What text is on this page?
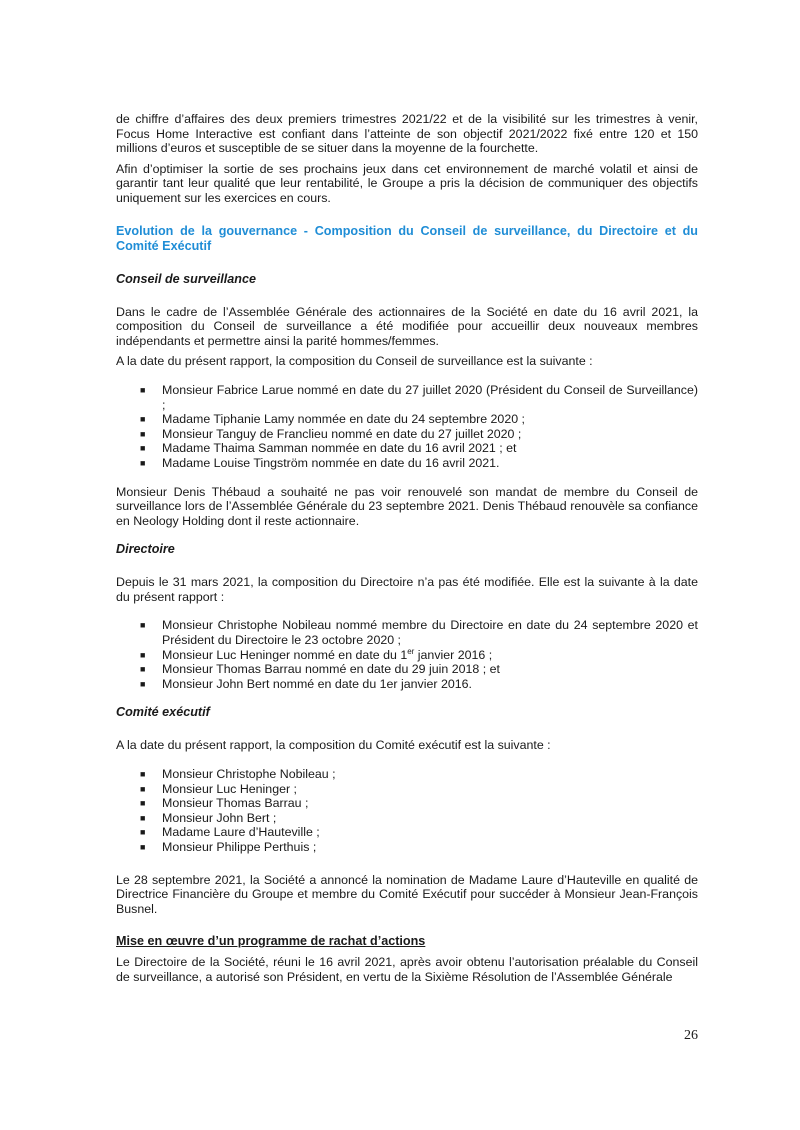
de chiffre d’affaires des deux premiers trimestres 2021/22 et de la visibilité sur les trimestres à venir, Focus Home Interactive est confiant dans l’atteinte de son objectif 2021/2022 fixé entre 120 et 150 millions d’euros et susceptible de se situer dans la moyenne de la fourchette.

Afin d’optimiser la sortie de ses prochains jeux dans cet environnement de marché volatil et ainsi de garantir tant leur qualité que leur rentabilité, le Groupe a pris la décision de communiquer des objectifs uniquement sur les exercices en cours.

Evolution de la gouvernance - Composition du Conseil de surveillance, du Directoire et du Comité Exécutif

Conseil de surveillance

Dans le cadre de l’Assemblée Générale des actionnaires de la Société en date du 16 avril 2021, la composition du Conseil de surveillance a été modifiée pour accueillir deux nouveaux membres indépendants et permettre ainsi la parité hommes/femmes.

A la date du présent rapport, la composition du Conseil de surveillance est la suivante :

■ Monsieur Fabrice Larue nommé en date du 27 juillet 2020 (Président du Conseil de Surveillance) ;
■ Madame Tiphanie Lamy nommée en date du 24 septembre 2020 ;
■ Monsieur Tanguy de Franclieu nommé en date du 27 juillet 2020 ;
■ Madame Thaima Samman nommée en date du 16 avril 2021 ; et
■ Madame Louise Tingström nommée en date du 16 avril 2021.

Monsieur Denis Thébaud a souhaité ne pas voir renouvelé son mandat de membre du Conseil de surveillance lors de l’Assemblée Générale du 23 septembre 2021. Denis Thébaud renouvèle sa confiance en Neology Holding dont il reste actionnaire.

Directoire

Depuis le 31 mars 2021, la composition du Directoire n’a pas été modifiée. Elle est la suivante à la date du présent rapport :

■ Monsieur Christophe Nobileau nommé membre du Directoire en date du 24 septembre 2020 et Président du Directoire le 23 octobre 2020 ;
■ Monsieur Luc Heninger nommé en date du 1er janvier 2016 ;
■ Monsieur Thomas Barrau nommé en date du 29 juin 2018 ; et
■ Monsieur John Bert nommé en date du 1er janvier 2016.

Comité exécutif

A la date du présent rapport, la composition du Comité exécutif est la suivante :

■ Monsieur Christophe Nobileau ;
■ Monsieur Luc Heninger ;
■ Monsieur Thomas Barrau ;
■ Monsieur John Bert ;
■ Madame Laure d’Hauteville ;
■ Monsieur Philippe Perthuis ;

Le 28 septembre 2021, la Société a annoncé la nomination de Madame Laure d’Hauteville en qualité de Directrice Financière du Groupe et membre du Comité Exécutif pour succéder à Monsieur Jean-François Busnel.

Mise en œuvre d’un programme de rachat d’actions

Le Directoire de la Société, réuni le 16 avril 2021, après avoir obtenu l’autorisation préalable du Conseil de surveillance, a autorisé son Président, en vertu de la Sixième Résolution de l’Assemblée Générale

26
